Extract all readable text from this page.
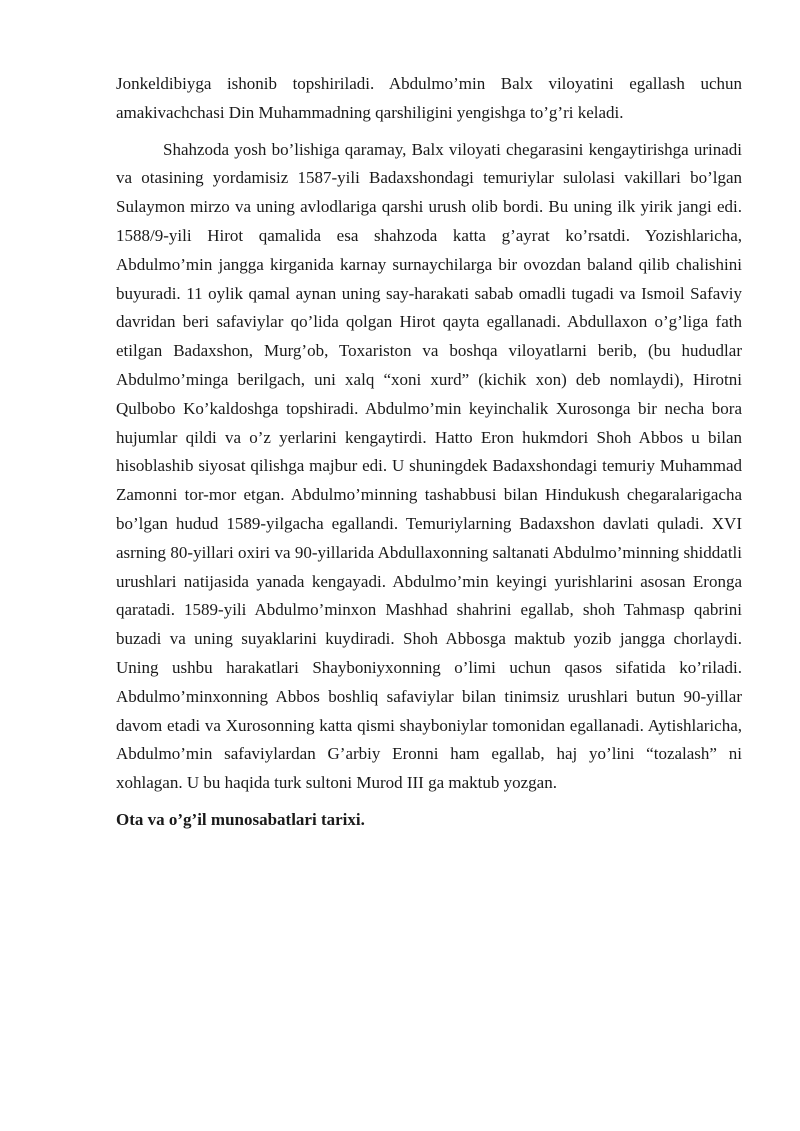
Jonkeldibiyga ishonib topshiriladi. Abdulmo’min Balx viloyatini egallash uchun amakivachchasi Din Muhammadning qarshiligini yengishga to’g’ri keladi.

Shahzoda yosh bo’lishiga qaramay, Balx viloyati chegarasini kengaytirishga urinadi va otasining yordamisiz 1587-yili Badaxshondagi temuriylar sulolasi vakillari bo’lgan Sulaymon mirzo va uning avlodlariga qarshi urush olib bordi. Bu uning ilk yirik jangi edi. 1588/9-yili Hirot qamalida esa shahzoda katta g’ayrat ko’rsatdi. Yozishlaricha, Abdulmo’min jangga kirganida karnay surnaychilarga bir ovozdan baland qilib chalishini buyuradi. 11 oylik qamal aynan uning say-harakati sabab omadli tugadi va Ismoil Safaviy davridan beri safaviylar qo’lida qolgan Hirot qayta egallanadi. Abdullaxon o’g’liga fath etilgan Badaxshon, Murg’ob, Toxariston va boshqa viloyatlarni berib, (bu hududlar Abdulmo’minga berilgach, uni xalq “xoni xurd” (kichik xon) deb nomlaydi), Hirotni Qulbobo Ko’kaldoshga topshiradi. Abdulmo’min keyinchalik Xurosonga bir necha bora hujumlar qildi va o’z yerlarini kengaytirdi. Hatto Eron hukmdori Shoh Abbos u bilan hisoblashib siyosat qilishga majbur edi. U shuningdek Badaxshondagi temuriy Muhammad Zamonni tor-mor etgan. Abdulmo’minning tashabbusi bilan Hindukush chegaralarigacha bo’lgan hudud 1589-yilgacha egallandi. Temuriylarning Badaxshon davlati quladi. XVI asrning 80-yillari oxiri va 90-yillarida Abdullaxonning saltanati Abdulmo’minning shiddatli urushlari natijasida yanada kengayadi. Abdulmo’min keyingi yurishlarini asosan Eronga qaratadi. 1589-yili Abdulmo’minxon Mashhad shahrini egallab, shoh Tahmasp qabrini buzadi va uning suyaklarini kuydiradi. Shoh Abbosga maktub yozib jangga chorlaydi. Uning ushbu harakatlari Shayboniyxonning o’limi uchun qasos sifatida ko’riladi. Abdulmo’minxonning Abbos boshliq safaviylar bilan tinimsiz urushlari butun 90-yillar davom etadi va Xurosonning katta qismi shayboniylar tomonidan egallanadi. Aytishlaricha, Abdulmo’min safaviylardan G’arbiy Eronni ham egallab, haj yo’lini “tozalash” ni xohlagan. U bu haqida turk sultoni Murod III ga maktub yozgan.

Ota va o’g’il munosabatlari tarixi.
